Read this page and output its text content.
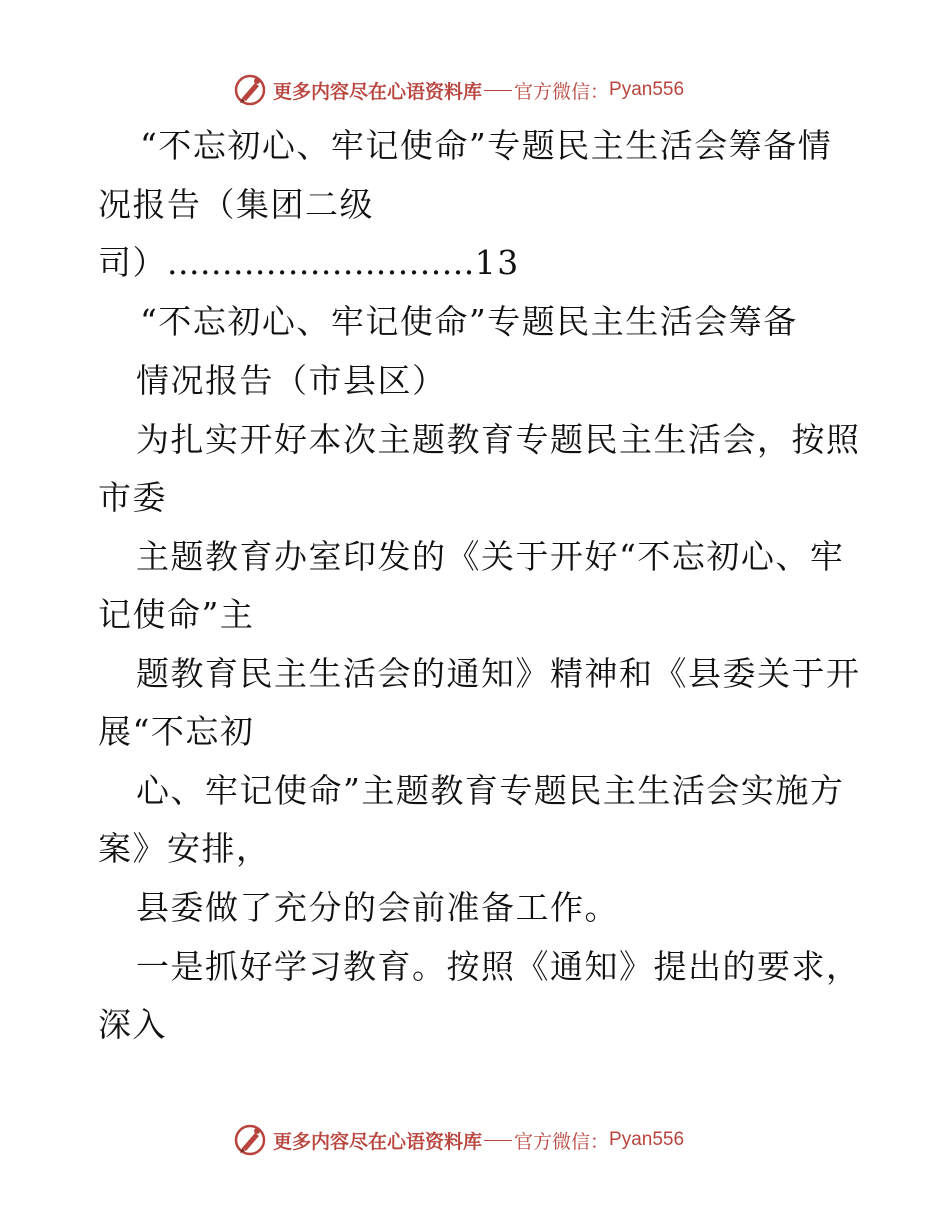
更多内容尽在心语资料库 官方微信： Pyan556
“不忘初心、牢记使命”专题民主生活会筹备情
况报告（集团二级
司）............................13
“不忘初心、牢记使命”专题民主生活会筹备
情况报告（市县区）
为扎实开好本次主题教育专题民主生活会，按照
市委
主题教育办室印发的《关于开好“不忘初心、牢
记使命”主
题教育民主生活会的通知》精神和《县委关于开
展“不忘初
心、牢记使命”主题教育专题民主生活会实施方
案》安排，
县委做了充分的会前准备工作。
一是抓好学习教育。按照《通知》提出的要求，
深入
更多内容尽在心语资料库 官方微信： Pyan556
